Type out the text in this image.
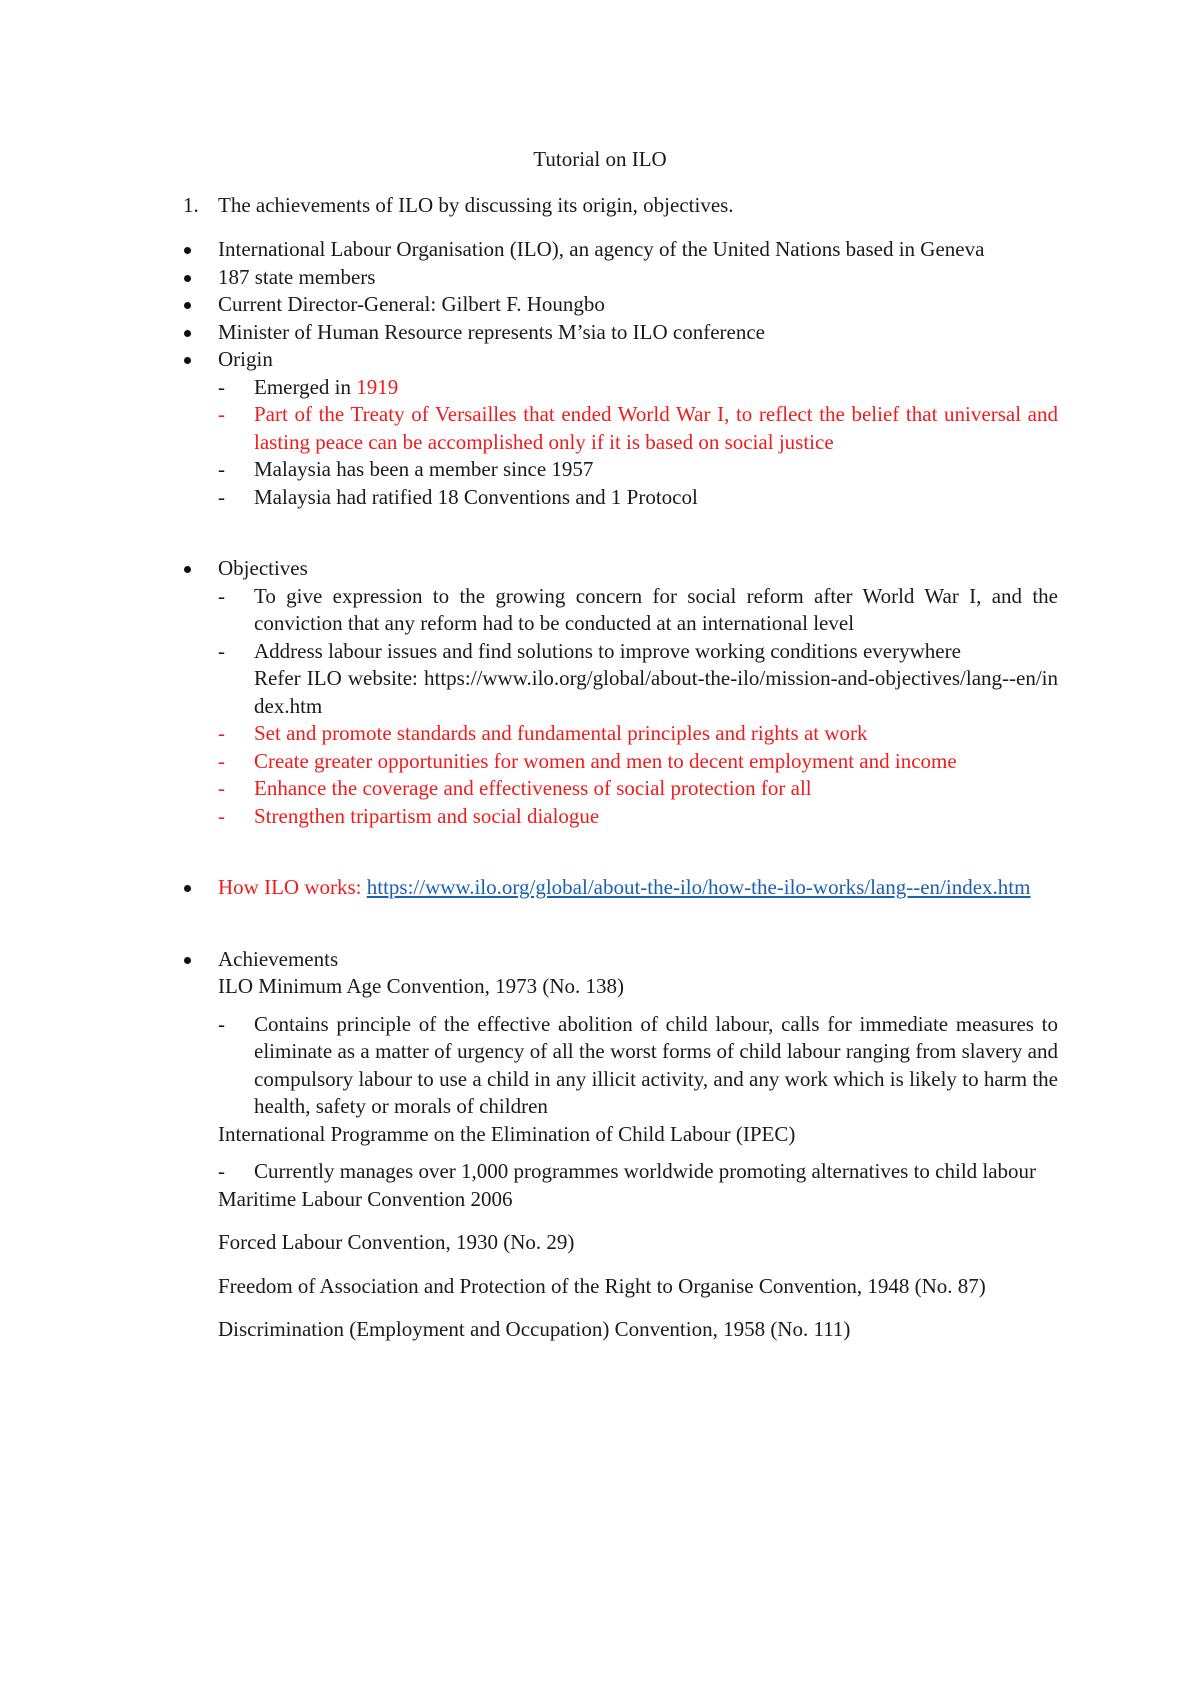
Tutorial on ILO
1. The achievements of ILO by discussing its origin, objectives.
International Labour Organisation (ILO), an agency of the United Nations based in Geneva
187 state members
Current Director-General: Gilbert F. Houngbo
Minister of Human Resource represents M’sia to ILO conference
Origin
- Emerged in 1919
- Part of the Treaty of Versailles that ended World War I, to reflect the belief that universal and lasting peace can be accomplished only if it is based on social justice
- Malaysia has been a member since 1957
- Malaysia had ratified 18 Conventions and 1 Protocol
Objectives
- To give expression to the growing concern for social reform after World War I, and the conviction that any reform had to be conducted at an international level
- Address labour issues and find solutions to improve working conditions everywhere
Refer ILO website: https://www.ilo.org/global/about-the-ilo/mission-and-objectives/lang--en/index.htm
- Set and promote standards and fundamental principles and rights at work
- Create greater opportunities for women and men to decent employment and income
- Enhance the coverage and effectiveness of social protection for all
- Strengthen tripartism and social dialogue
How ILO works: https://www.ilo.org/global/about-the-ilo/how-the-ilo-works/lang--en/index.htm
Achievements
ILO Minimum Age Convention, 1973 (No. 138)
- Contains principle of the effective abolition of child labour, calls for immediate measures to eliminate as a matter of urgency of all the worst forms of child labour ranging from slavery and compulsory labour to use a child in any illicit activity, and any work which is likely to harm the health, safety or morals of children
International Programme on the Elimination of Child Labour (IPEC)
- Currently manages over 1,000 programmes worldwide promoting alternatives to child labour
Maritime Labour Convention 2006
Forced Labour Convention, 1930 (No. 29)
Freedom of Association and Protection of the Right to Organise Convention, 1948 (No. 87)
Discrimination (Employment and Occupation) Convention, 1958 (No. 111)
